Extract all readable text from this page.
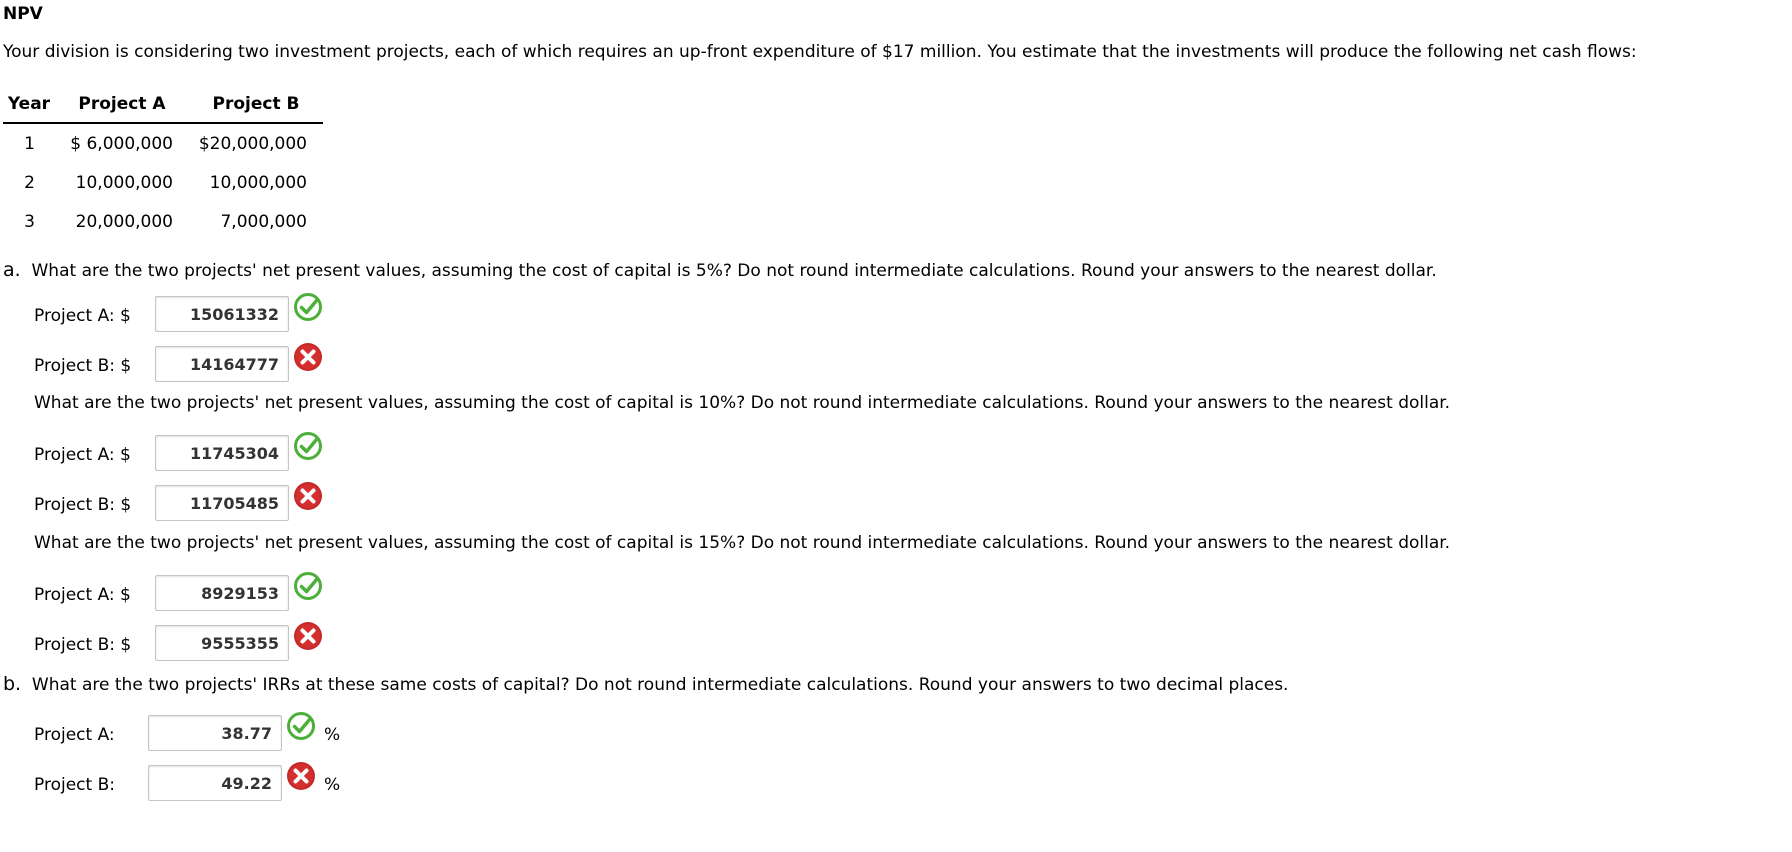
NPV
Your division is considering two investment projects, each of which requires an up-front expenditure of $17 million. You estimate that the investments will produce the following net cash flows:
Year	Project A	Project B
1	$ 6,000,000	$20,000,000
2	10,000,000	10,000,000
3	20,000,000	7,000,000
a. What are the two projects' net present values, assuming the cost of capital is 5%? Do not round intermediate calculations. Round your answers to the nearest dollar.
Project A: $	15061332
Project B: $	14164777
What are the two projects' net present values, assuming the cost of capital is 10%? Do not round intermediate calculations. Round your answers to the nearest dollar.
Project A: $	11745304
Project B: $	11705485
What are the two projects' net present values, assuming the cost of capital is 15%? Do not round intermediate calculations. Round your answers to the nearest dollar.
Project A: $	8929153
Project B: $	9555355
b. What are the two projects' IRRs at these same costs of capital? Do not round intermediate calculations. Round your answers to two decimal places.
Project A:	38.77	%
Project B:	49.22	%
